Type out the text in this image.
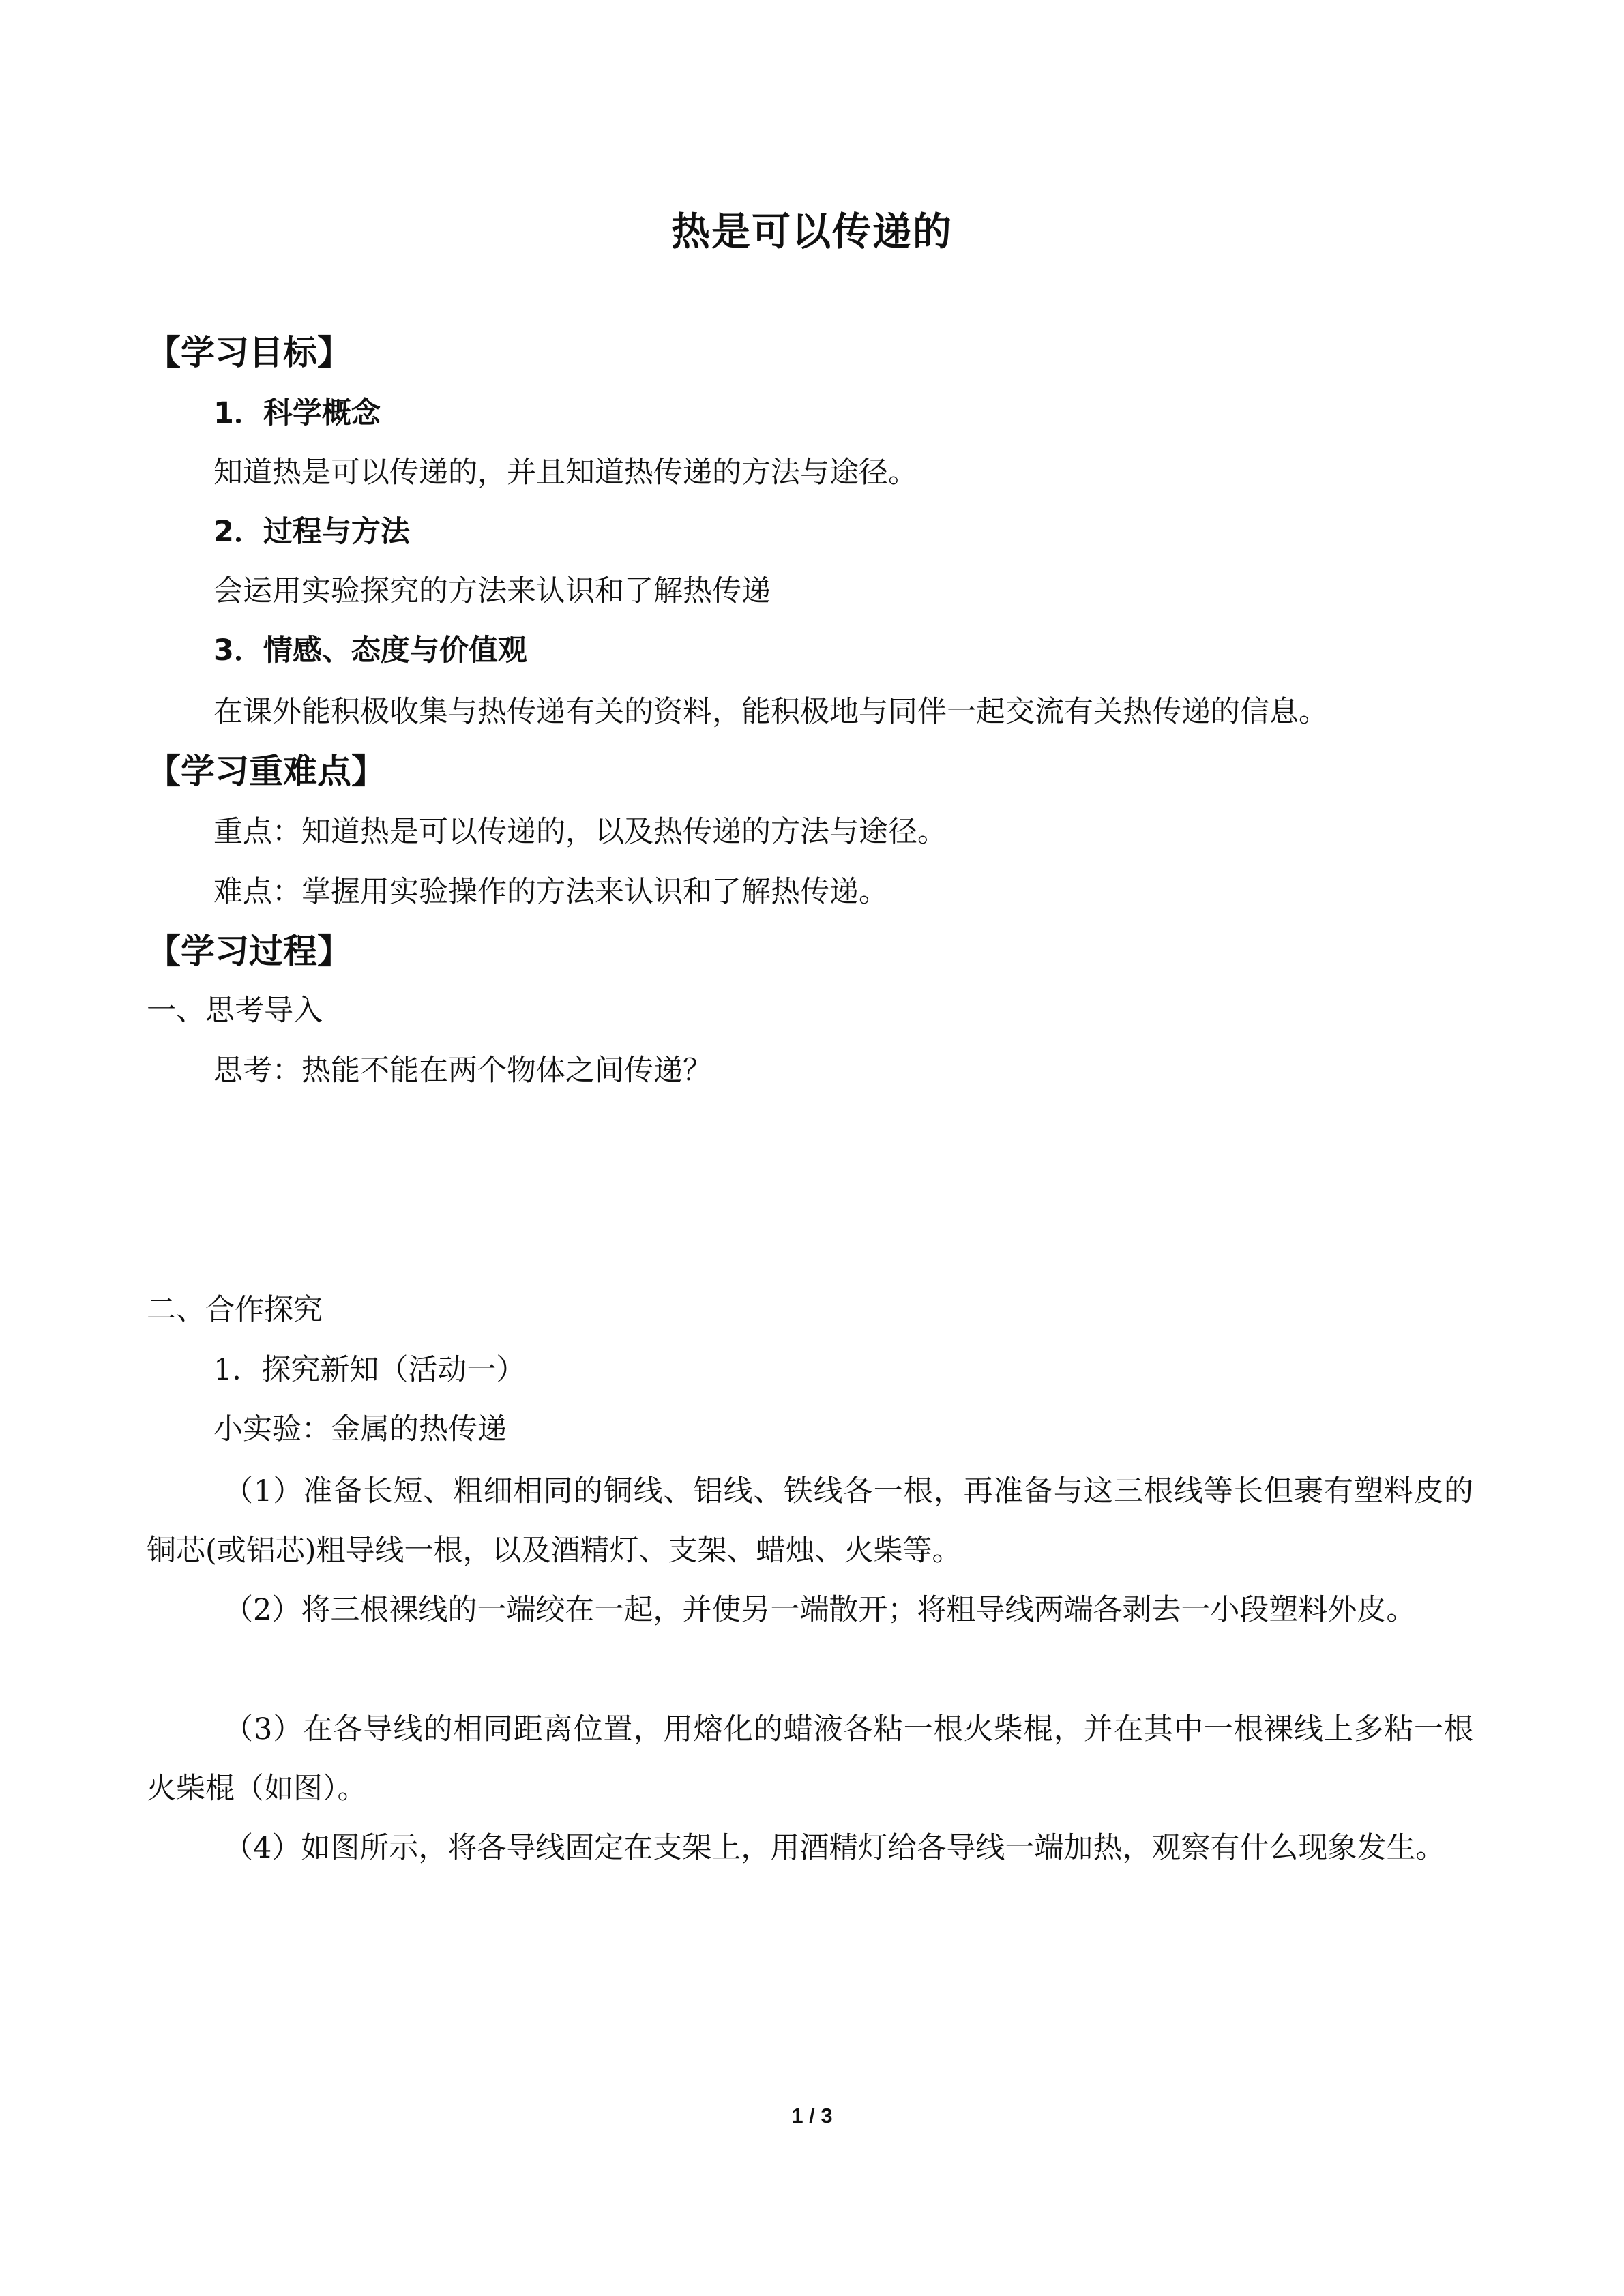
热是可以传递的
【学习目标】
1．科学概念
知道热是可以传递的，并且知道热传递的方法与途径。
2．过程与方法
会运用实验探究的方法来认识和了解热传递
3．情感、态度与价值观
在课外能积极收集与热传递有关的资料，能积极地与同伴一起交流有关热传递的信息。
【学习重难点】
重点：知道热是可以传递的，以及热传递的方法与途径。
难点：掌握用实验操作的方法来认识和了解热传递。
【学习过程】
一、思考导入
思考：热能不能在两个物体之间传递？
二、合作探究
1．探究新知（活动一）
小实验：金属的热传递
（1）准备长短、粗细相同的铜线、铝线、铁线各一根，再准备与这三根线等长但裹有塑料皮的铜芯(或铝芯)粗导线一根，以及酒精灯、支架、蜡烛、火柴等。
（2）将三根裸线的一端绞在一起，并使另一端散开；将粗导线两端各剥去一小段塑料外皮。
（3）在各导线的相同距离位置，用熔化的蜡液各粘一根火柴棍，并在其中一根裸线上多粘一根火柴棍（如图）。
（4）如图所示，将各导线固定在支架上，用酒精灯给各导线一端加热，观察有什么现象发生。
1 / 3
